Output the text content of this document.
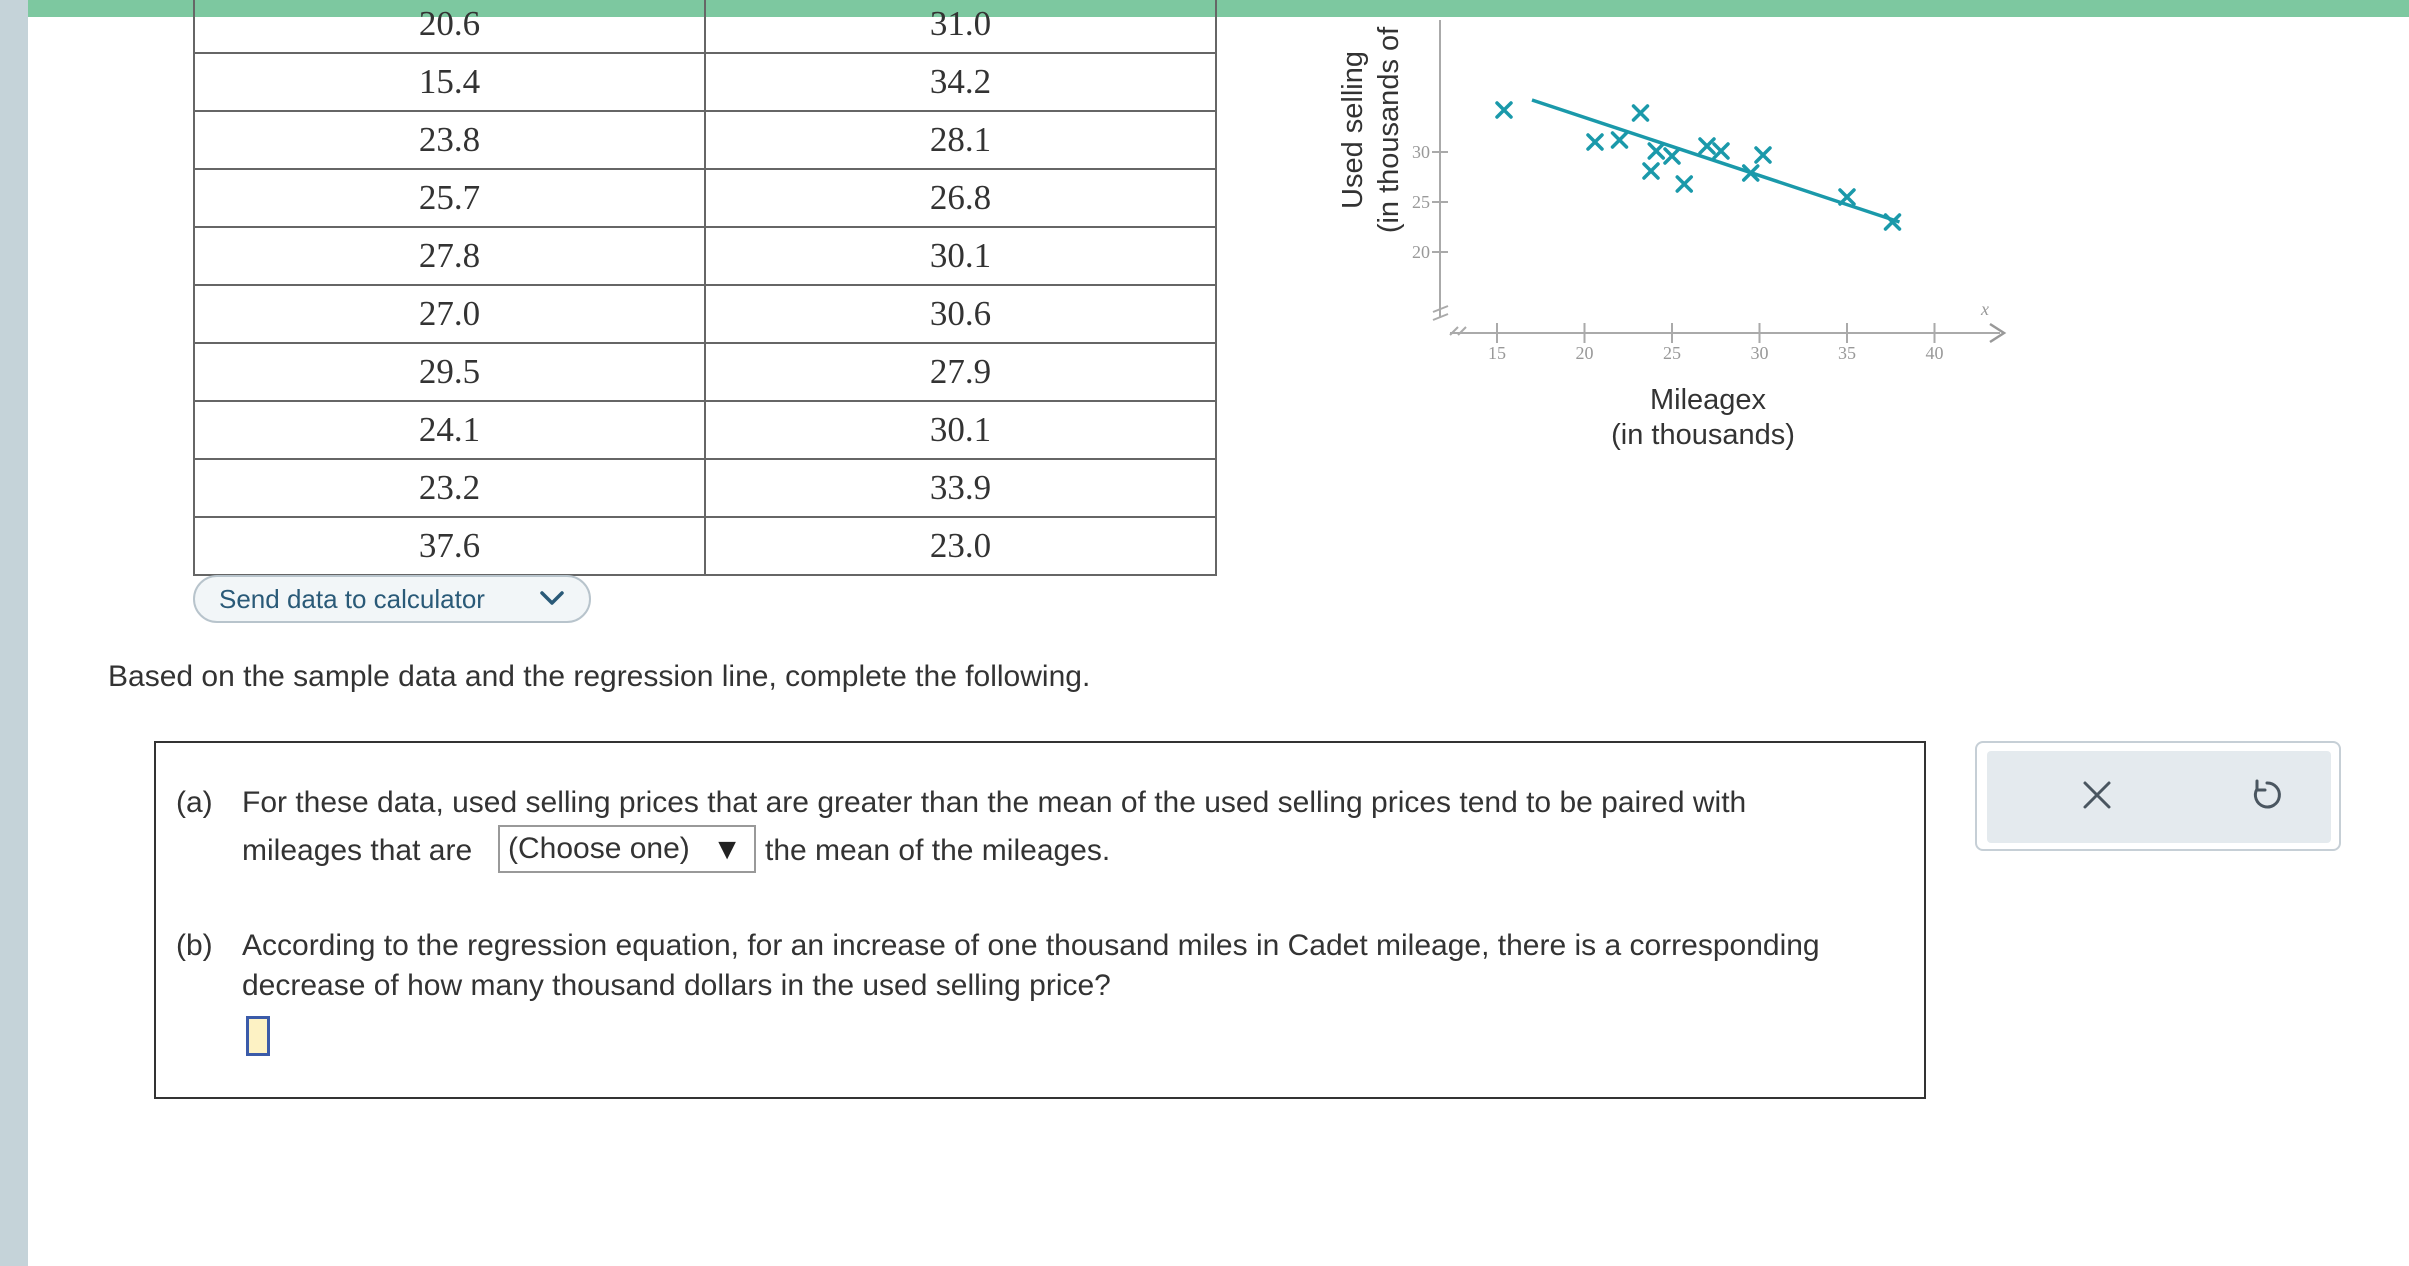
20.6	31.0
15.4	34.2
23.8	28.1
25.7	26.8
27.8	30.1
27.0	30.6
29.5	27.9
24.1	30.1
23.2	33.9
37.6	23.0
Send data to calculator
Based on the sample data and the regression line, complete the following.
(a) For these data, used selling prices that are greater than the mean of the used selling prices tend to be paired with
mileages that are (Choose one) ▼ the mean of the mileages.
(b) According to the regression equation, for an increase of one thousand miles in Cadet mileage, there is a corresponding
decrease of how many thousand dollars in the used selling price?
Used selling (in thousands of
x
15	20	25	30	35	40
20
25
30
Mileagex
(in thousands)
